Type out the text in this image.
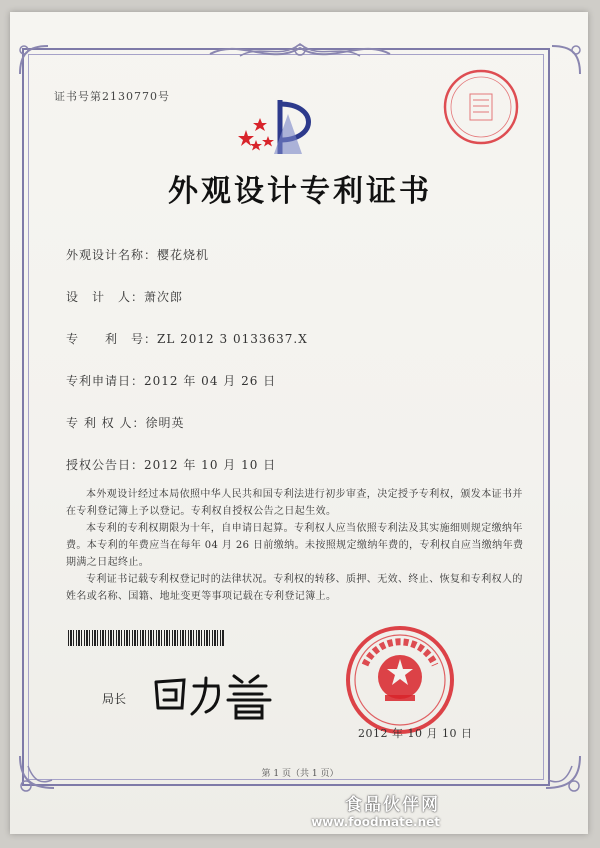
证书号第2130770号
外观设计专利证书
外观设计名称：樱花烧机
设　计　人：萧次郎
专　　利　号：ZL 2012 3 0133637.X
专利申请日：2012 年 04 月 26 日
专 利 权 人：徐明英
授权公告日：2012 年 10 月 10 日

本外观设计经过本局依照中华人民共和国专利法进行初步审查，决定授予专利权，颁发本证书并在专利登记簿上予以登记。专利权自授权公告之日起生效。

本专利的专利权期限为十年，自申请日起算。专利权人应当依照专利法及其实施细则规定缴纳年费。本专利的年费应当在每年 04 月 26 日前缴纳。未按照规定缴纳年费的，专利权自应当缴纳年费期满之日起终止。

专利证书记载专利权登记时的法律状况。专利权的转移、质押、无效、终止、恢复和专利权人的姓名或名称、国籍、地址变更等事项记载在专利登记簿上。

局长
2012 年 10 月 10 日
第 1 页（共 1 页）
食品伙伴网
www.foodmate.net
